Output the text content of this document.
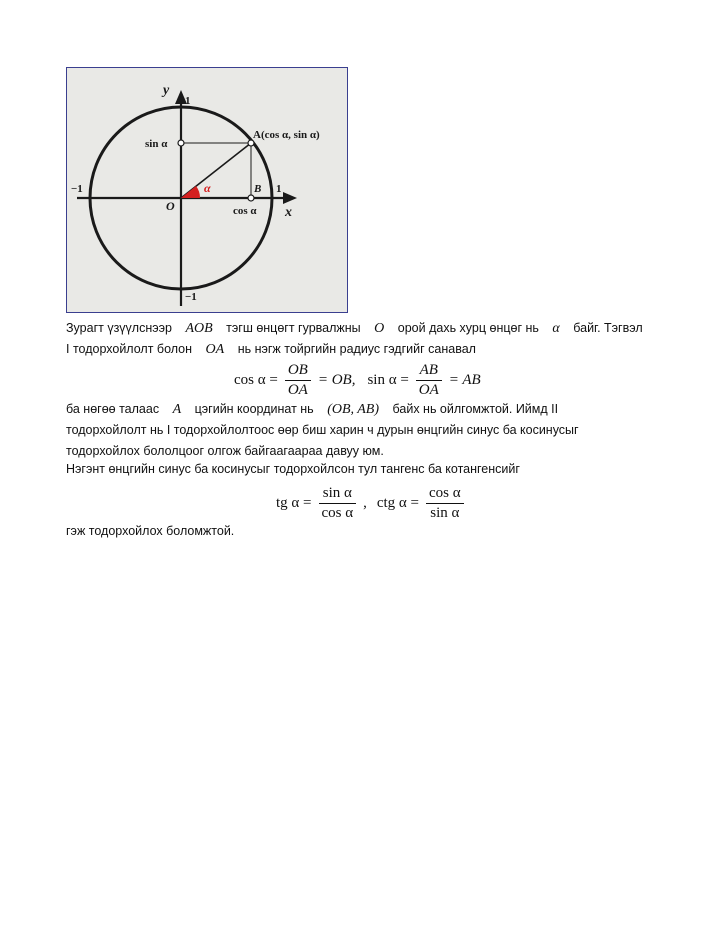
y
1
−1
−1	1
x
O
A(cos α, sin α)
B
sin α
cos α
α
Зурагт үзүүлснээр AOB тэгш өнцөгт гурвалжны O орой дахь хурц өнцөг нь α байг. Тэгвэл
I тодорхойлолт болон OA нь нэгж тойргийн радиус гэдгийг санавал
$\cos \alpha = \frac{OB}{OA}$ = OB, $\sin \alpha = \frac{AB}{OA}$ = AB
ба нөгөө талаас A цэгийн координат нь (OB, AB) байх нь ойлгомжтой. Иймд II
тодорхойлолт нь I тодорхойлолтоос өөр биш харин ч дурын өнцгийн синус ба косинусыг
тодорхойлох бололцоог олгож байгаагаараа давуу юм.
Нэгэнт өнцгийн синус ба косинусыг тодорхойлсон тул тангенс ба котангенсийг
tg $\alpha = \frac{\text{sin α}}{\text{cos α}}$ , ctg $\alpha = \frac{\text{cos α}}{\text{sin α}}$
гэж тодорхойлох боломжтой.
